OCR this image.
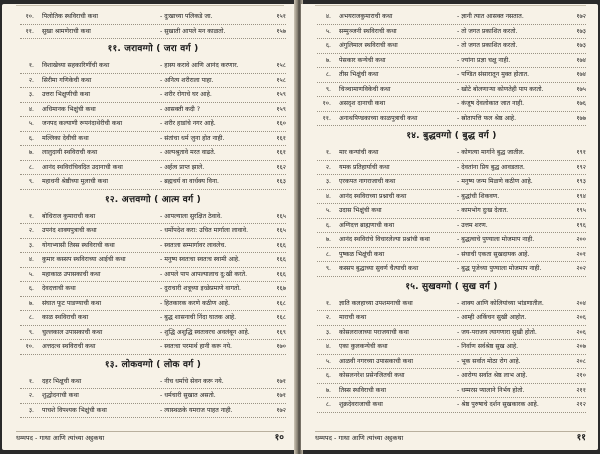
१०. पिलोतिक स्थविराची कथा	- दुःखाच्या पलिकडे जा.	१५१
११. सुखा श्रामणेराची कथा	- सुखाती आपले मन काळतो.	१५७
११. जरावग्गो ( जरा वर्ग )
१. विशाखेच्या सहकारिणींची कथा	- हास्य करावे आणि आनंद करणार.	१५८
२. सिरीमा गणिकेची कथा	- अनित्य शरीराला पाहा.	१५८
३. उत्तरा भिक्षुणीची कथा	- शरीर रोगाचे घर आहे.	१५९
४. अधिमानक भिक्षुंची कथा	- आसक्ती कदी ?	१५९
५. जनपद कल्याणी रूपनंदाथेरीची कथा	- शरीर हाडांचे नगर आहे.	१६०
६. मल्लिका देवीची कथा	- संतांचा धर्म जुना होत नाही.	१६१
७. लालुदायी स्थविराची कथा	- अल्पश्रुतावे मरत वाढते.	१६१
८. आनंद स्थविरांचिवदित उदानाची कथा	- अर्हत्व प्राप्त झाले.	१६२
९. महाधनी श्रेष्ठीच्या मुलाची कथा	- ब्रह्मचर्य वा वार्धक्य विना.	१६३
१२. अत्तवग्गो ( आत्म वर्ग )
१. बोधिराज कुमाराची कथा	- आपल्याला सुरक्षित ठेवावे.	१६५
२. उपनंद शाक्यपुत्राची कथा	- धर्मोपदेश करा: उचित मार्गाला लावावे.	१६५
३. योगाभ्यासी तिस्स स्थविराची कथा	- स्वतःला सम्मार्गावर लावलेच.	१६६
४. कुमार कस्सप स्थविराच्या आईची कथा	- मनुष्य स्वतःचा स्वतःच स्वामी आहे.	१६६
५. महाकाळ उपासकाची कथा	- आपले पाप आपल्यालाच दु:खी करते.	१६६
६. देवदत्ताची कथा	- दुराचारी शत्रूच्या इच्छेप्रमाणे वागतो.	१६७
७. संघात फूट पाडण्याची कथा	- हितकारक करणे कठीण आहे.	१६८
८. काळ स्थविराची कथा	- बुद्ध शासनाची निंदा घातक आहे.	१६८
९. चुल्लकाल उपासकाची कथा	- शुद्धि अशुद्धि स्वतःवरच अवलंबून आहे.	१६९
१०. अत्तदत्थ स्थविराची कथा	- स्वतःचा परमार्थ हानी करू नये.	१७०
१३. लोकवग्गो ( लोक वर्ग )
१. दहर भिक्षुची कथा	- नीच धर्माचे सेवन करू नये.	१७१
२. शुद्धोदनाची कथा	- धर्मचारी सुखात असतो.	१७१
३. पाचशे विपश्यक भिक्षुंची कथा	- त्यास्थळके यमराज पाहत नाही.	१७२
धम्मपद - गाथा आणि त्यांच्या अट्ठकथा	१०
४. अभयराजकुमाराची कथा	- ज्ञानी त्यात आसक्त नसतात.	१७२
५. सम्मुञ्जनी स्थविराची कथा	- तो जगत प्रकाशित करतो.	१७३
६. अंगुलिमाल स्थविराची कथा	- तो जगत प्रकाशित करतो.	१७३
७. पेसकार कन्येची कथा	- ज्यांना प्रज्ञा चक्षु नाही.	१७४
८. तीस भिक्षुंची कथा	- पण्डित संसारातून मुक्त होतात.	१७४
९. चिञ्चामाणविकेची कथा	- खोटे बोलणाऱ्या कोणतेही पाप करतो.	१७५
१०. असदृश दानाची कथा	- कंजूष देवलोकात जात नाही.	१७६
११. अनाथपिण्डकाच्या काळपुत्राची कथा	- स्रोतापत्ति फल श्रेष्ठ आहे.	१७७
१४. बुद्धवग्गो ( बुद्ध वर्ग )
१. मार कन्यांची कथा	- कोणत्या मार्गाने बुद्ध जातील.	१९१
२. यमक प्रतिहार्याची कथा	- देवतांना प्रिय बुद्ध आवडतात.	१९२
३. एरकपत नागराजाची कथा	- मनुष्य जन्म मिळणे कठीण आहे.	१९३
४. आनंद स्थविराच्या प्रश्नाची कथा	- बुद्धांची शिकवण.	१९४
५. उदास भिक्षुंची कथा	- कामभोग दुःख देतात.	१९५
६. अग्गिदत्त ब्राह्मणाची कथा	- उत्तम शरण.	१९६
७. आनंद स्थविरांचे विचारलेल्या प्रश्नांची कथा	- बुद्धत्वाचे पुण्याला मोजमाप नाही.	२००
८. पुष्कळ भिक्षुंची कथा	- संघाची एकता सुखदायक आहे.	२०१
९. कस्सप बुद्धाच्या सुवर्ण चैत्याची कथा	- बुद्ध पूजेच्या पुण्याला मोजमाप नाही.	२०२
१५. सुखवग्गो ( सुख वर्ग )
१. ज्ञाति कलहाच्या उपशमनाची कथा	- शाक्य आणि कोलियांच्या भांडणातील.	२०४
२. माराची कथा	- आम्ही अकिंचन सुखी आहोत.	२०६
३. कोसलराजाच्या पराजयाची कथा	- जय-पराजय त्यागणारा सुखी होतो.	२०६
४. एका कुलकन्येची कथा	- निर्वाण सर्वश्रेष्ठ सुख आहे.	२०७
५. आळवी नगरच्या उपासकाची कथा	- भूक सर्वात मोठा रोग आहे.	२०८
६. कोसलनरेश प्रसेनजितची कथा	- आरोग्य सर्वात श्रेष्ठ लाभ आहे.	२१०
७. तिस्स स्थविराची कथा	- धम्मरस प्यालाने निर्भय होतो.	२११
८. शुक्रदेवराजाची कथा	- श्रेष्ठ पुरुषाचे दर्शन सुखकारक आहे.	२१२
धम्मपद - गाथा आणि त्यांच्या अट्ठकथा	११
